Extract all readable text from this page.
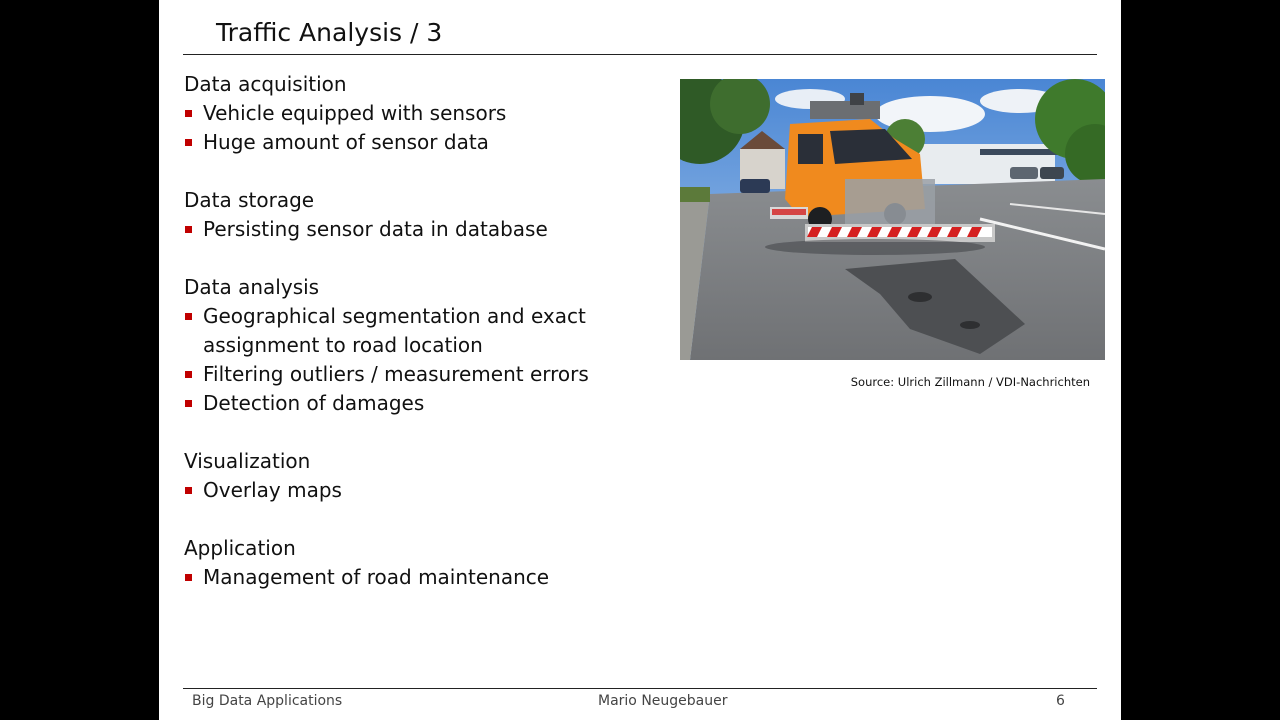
Traffic Analysis / 3
Data acquisition
Vehicle equipped with sensors
Huge amount of sensor data
Data storage
Persisting sensor data in database
Data analysis
Geographical segmentation and exact assignment to road location
Filtering outliers / measurement errors
Detection of damages
Visualization
Overlay maps
Application
Management of road maintenance
Source: Ulrich Zillmann / VDI-Nachrichten
Big Data Applications	Mario Neugebauer	6
